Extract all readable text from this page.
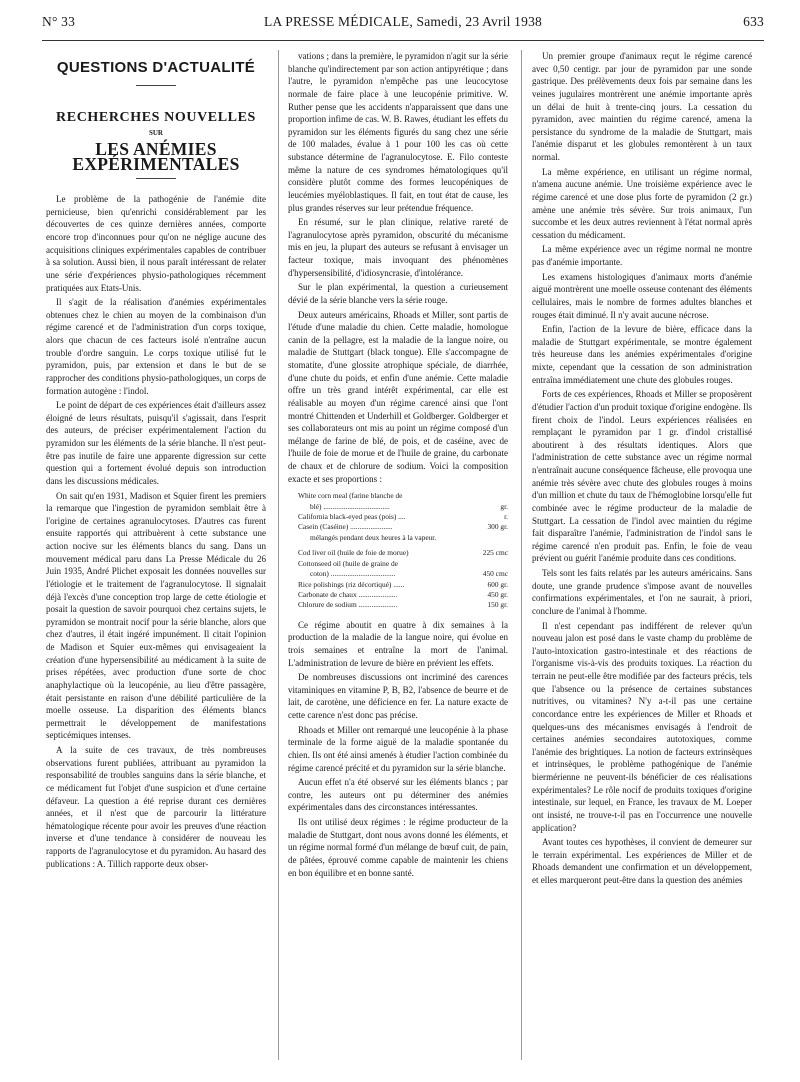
N° 33	LA PRESSE MÉDICALE, Samedi, 23 Avril 1938	633
QUESTIONS D'ACTUALITÉ
RECHERCHES NOUVELLES
SUR
LES ANÉMIES
EXPÉRIMENTALES

Le problème de la pathogénie de l'anémie dite pernicieuse, bien qu'enrichi considérablement par les découvertes de ces quinze dernières années, comporte encore trop d'inconnues pour qu'on ne néglige aucune des acquisitions cliniques expérimentales capables de contribuer à sa solution. Aussi bien, il nous paraît intéressant de relater une série d'expériences physio-pathologiques récemment pratiquées aux Etats-Unis.

Il s'agit de la réalisation d'anémies expérimentales obtenues chez le chien au moyen de la combinaison d'un régime carencé et de l'administration d'un corps toxique, alors que chacun de ces facteurs isolé n'entraîne aucun trouble d'ordre sanguin. Le corps toxique utilisé fut le pyramidon, puis, par extension et dans le but de se rapprocher des conditions physio-pathologiques, un corps de formation autogène : l'indol.

Le point de départ de ces expériences était d'ailleurs assez éloigné de leurs résultats, puisqu'il s'agissait, dans l'esprit des auteurs, de préciser expérimentalement l'action du pyramidon sur les éléments de la série blanche. Il n'est peut-être pas inutile de faire une apparente digression sur cette question qui a fortement évolué depuis son introduction dans les discussions médicales.

On sait qu'en 1931, Madison et Squier firent les premiers la remarque que l'ingestion de pyramidon semblait être à l'origine de certaines agranulocytoses. D'autres cas furent ensuite rapportés qui attribuèrent à cette substance une action nocive sur les éléments blancs du sang. Dans un mouvement médical paru dans La Presse Médicale du 26 Juin 1935, André Plichet exposait les données nouvelles sur l'étiologie et le traitement de l'agranulocytose. Il signalait déjà l'excès d'une conception trop large de cette étiologie et posait la question de savoir pourquoi chez certains sujets, le pyramidon se montrait nocif pour la série blanche, alors que chez d'autres, il était ingéré impunément. Il citait l'opinion de Madison et Squier eux-mêmes qui envisageaient la création d'une hypersensibilité au médicament à la suite de prises répétées, avec production d'une sorte de choc anaphylactique où la leucopénie, au lieu d'être passagère, était persistante en raison d'une débilité particulière de la moelle osseuse. La disparition des éléments blancs permettrait le développement de manifestations septicémiques intenses.

A la suite de ces travaux, de très nombreuses observations furent publiées, attribuant au pyramidon la responsabilité de troubles sanguins dans la série blanche, et ce médicament fut l'objet d'une suspicion et d'une certaine défaveur. La question a été reprise durant ces dernières années, et il n'est que de parcourir la littérature hématologique récente pour avoir les preuves d'une réaction inverse et d'une tendance à considérer de nouveau les rapports de l'agranulocytose et du pyramidon. Au hasard des publications : A. Tillich rapporte deux obser-

vations ; dans la première, le pyramidon n'agit sur la série blanche qu'indirectement par son action antipyrétique ; dans l'autre, le pyramidon n'empêche pas une leucocytose normale de faire place à une leucopénie primitive. W. Ruther pense que les accidents n'apparaissent que dans une proportion infime de cas. W. B. Rawes, étudiant les effets du pyramidon sur les éléments figurés du sang chez une série de 100 malades, évalue à 1 pour 100 les cas où cette substance détermine de l'agranulocytose. E. Filo conteste même la nature de ces syndromes hématologiques qu'il considère plutôt comme des formes leucopéniques de leucémies myéloblastiques. Il fait, en tout état de cause, les plus grandes réserves sur leur prétendue fréquence.

En résumé, sur le plan clinique, relative rareté de l'agranulocytose après pyramidon, obscurité du mécanisme mis en jeu, la plupart des auteurs se refusant à envisager un facteur toxique, mais invoquant des phénomènes d'hypersensibilité, d'idiosyncrasie, d'intolérance.

Sur le plan expérimental, la question a curieusement dévié de la série blanche vers la série rouge.

Deux auteurs américains, Rhoads et Miller, sont partis de l'étude d'une maladie du chien. Cette maladie, homologue canin de la pellagre, est la maladie de la langue noire, ou maladie de Stuttgart (black tongue). Elle s'accompagne de stomatite, d'une glossite atrophique spéciale, de diarrhée, d'une chute du poids, et enfin d'une anémie. Cette maladie offre un très grand intérêt expérimental, car elle est réalisable au moyen d'un régime carencé ainsi que l'ont montré Chittenden et Underhill et Goldberger. Goldberger et ses collaborateurs ont mis au point un régime composé d'un mélange de farine de blé, de pois, et de caséine, avec de l'huile de foie de morue et de l'huile de graine, du carbonate de chaux et de chlorure de sodium. Voici la composition exacte et ses proportions :

White corn meal (farine blanche de
blé) ....................................	gr.
California black-eyed peas (pois) ....	r.
Casein (Caséine) .......................	300 gr.
mélangés pendant deux heures à la vapeur.
Cod liver oil (huile de foie de morue)	225 cmc
Cottonseed oil (huile de graine de
coton) ...................................	450 cmc
Rice polishings (riz décortiqué) ......	600 gr.
Carbonate de chaux .....................	450 gr.
Chlorure de sodium .....................	150 gr.

Ce régime aboutit en quatre à dix semaines à la production de la maladie de la langue noire, qui évolue en trois semaines et entraîne la mort de l'animal. L'administration de levure de bière en prévient les effets.

De nombreuses discussions ont incriminé des carences vitaminiques en vitamine P, B, B2, l'absence de beurre et de lait, de carotène, une déficience en fer. La nature exacte de cette carence n'est donc pas précise.

Rhoads et Miller ont remarqué une leucopénie à la phase terminale de la forme aiguë de la maladie spontanée du chien. Ils ont été ainsi amenés à étudier l'action combinée du régime carencé précité et du pyramidon sur la série blanche.

Aucun effet n'a été observé sur les éléments blancs ; par contre, les auteurs ont pu déterminer des anémies expérimentales dans des circonstances intéressantes.

Ils ont utilisé deux régimes : le régime producteur de la maladie de Stuttgart, dont nous avons donné les éléments, et un régime normal formé d'un mélange de bœuf cuit, de pain, de pâtées, éprouvé comme capable de maintenir les chiens en bon équilibre et en bonne santé.

Un premier groupe d'animaux reçut le régime carencé avec 0,50 centigr. par jour de pyramidon par une sonde gastrique. Des prélèvements deux fois par semaine dans les veines jugulaires montrèrent une anémie importante après un délai de huit à trente-cinq jours. La cessation du pyramidon, avec maintien du régime carencé, amena la persistance du syndrome de la maladie de Stuttgart, mais l'anémie disparut et les globules remontèrent à un taux normal.

La même expérience, en utilisant un régime normal, n'amena aucune anémie. Une troisième expérience avec le régime carencé et une dose plus forte de pyramidon (2 gr.) amène une anémie très sévère. Sur trois animaux, l'un succombe et les deux autres reviennent à l'état normal après cessation du médicament.

La même expérience avec un régime normal ne montre pas d'anémie importante.

Les examens histologiques d'animaux morts d'anémie aiguë montrèrent une moelle osseuse contenant des éléments cellulaires, mais le nombre de formes adultes blanches et rouges était diminué. Il n'y avait aucune nécrose.

Enfin, l'action de la levure de bière, efficace dans la maladie de Stuttgart expérimentale, se montre également très heureuse dans les anémies expérimentales d'origine mixte, cependant que la cessation de son administration entraîna immédiatement une chute des globules rouges.

Forts de ces expériences, Rhoads et Miller se proposèrent d'étudier l'action d'un produit toxique d'origine endogène. Ils firent choix de l'indol. Leurs expériences réalisées en remplaçant le pyramidon par 1 gr. d'indol cristallisé aboutirent à des résultats identiques. Alors que l'administration de cette substance avec un régime normal n'entraînait aucune conséquence fâcheuse, elle provoqua une anémie très sévère avec chute des globules rouges à moins d'un million et chute du taux de l'hémoglobine lorsqu'elle fut combinée avec le régime producteur de la maladie de Stuttgart. La cessation de l'indol avec maintien du régime fait disparaître l'anémie, l'administration de l'indol sans le régime carencé n'en produit pas. Enfin, le foie de veau prévient ou guérit l'anémie produite dans ces conditions.

Tels sont les faits relatés par les auteurs américains. Sans doute, une grande prudence s'impose avant de nouvelles confirmations expérimentales, et l'on ne saurait, à priori, conclure de l'animal à l'homme.

Il n'est cependant pas indifférent de relever qu'un nouveau jalon est posé dans le vaste champ du problème de l'auto-intoxication gastro-intestinale et des réactions de l'organisme vis-à-vis des produits toxiques. La réaction du terrain ne peut-elle être modifiée par des facteurs précis, tels que l'absence ou la présence de certaines substances nutritives, ou vitamines? N'y a-t-il pas une certaine concordance entre les expériences de Miller et Rhoads et quelques-uns des mécanismes envisagés à l'endroit de certaines anémies secondaires autotoxiques, comme l'anémie des brightiques. La notion de facteurs extrinsèques et intrinsèques, le problème pathogénique de l'anémie biermérienne ne peuvent-ils bénéficier de ces réalisations expérimentales? Le rôle nocif de produits toxiques d'origine intestinale, sur lequel, en France, les travaux de M. Loeper ont insisté, ne trouve-t-il pas en l'occurrence une nouvelle application?

Avant toutes ces hypothèses, il convient de demeurer sur le terrain expérimental. Les expériences de Miller et de Rhoads demandent une confirmation et un développement, et elles marqueront peut-être dans la question des anémies
